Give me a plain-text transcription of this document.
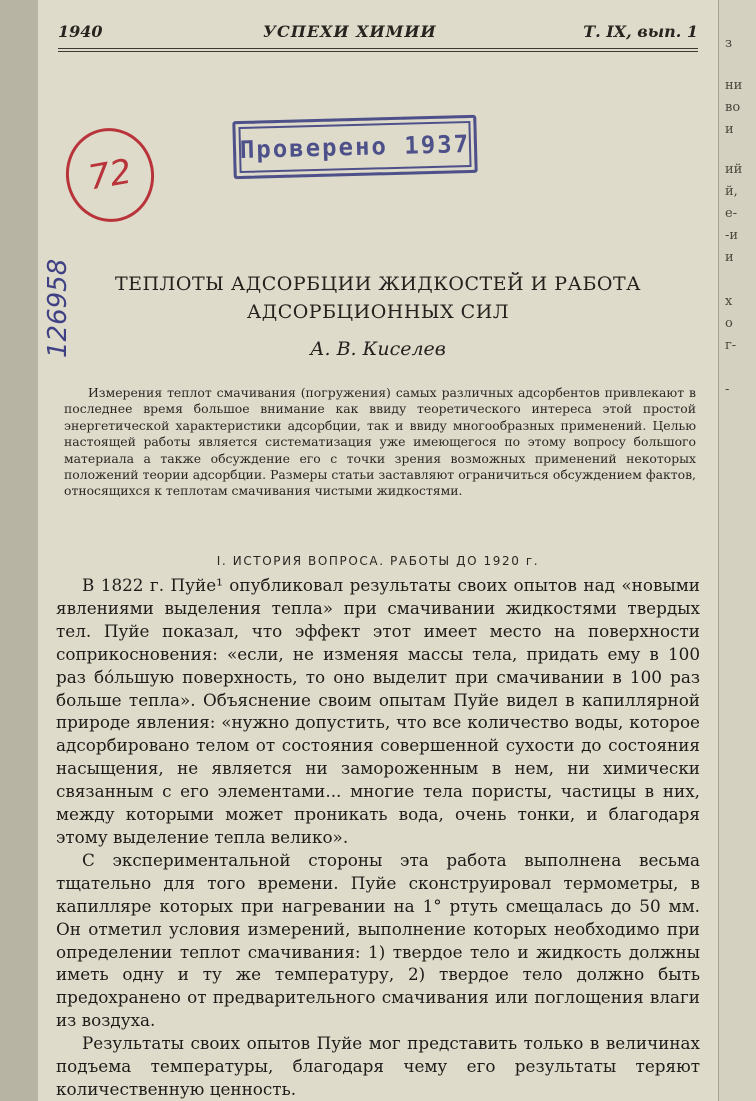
1940	УСПЕХИ ХИМИИ	Т. IX, вып. 1
Проверено 1937
72
126958	ТЕПЛОТЫ АДСОРБЦИИ ЖИДКОСТЕЙ И РАБОТА
АДСОРБЦИОННЫХ СИЛ
А. В. Киселев

Измерения теплот смачивания (погружения) самых различных адсорбентов привлекают в последнее время большое внимание как ввиду теоретического интереса этой простой энергетической характеристики адсорбции, так и ввиду многообразных применений. Целью настоящей работы является систематизация уже имеющегося по этому вопросу большого материала а также обсуждение его с точки зрения возможных применений некоторых положений теории адсорбции. Размеры статьи заставляют ограничиться обсуждением фактов, относящихся к теплотам смачивания чистыми жидкостями.

I. ИСТОРИЯ ВОПРОСА. РАБОТЫ ДО 1920 г.

В 1822 г. Пуйе¹ опубликовал результаты своих опытов над «новыми явлениями выделения тепла» при смачивании жидкостями твердых тел. Пуйе показал, что эффект этот имеет место на поверхности соприкосновения: «если, не изменяя массы тела, придать ему в 100 раз бо́льшую поверхность, то оно выделит при смачивании в 100 раз больше тепла». Объяснение своим опытам Пуйе видел в капиллярной природе явления: «нужно допустить, что все количество воды, которое адсорбировано телом от состояния совершенной сухости до состояния насыщения, не является ни замороженным в нем, ни химически связанным с его элементами... многие тела пористы, частицы в них, между которыми может проникать вода, очень тонки, и благодаря этому выделение тепла велико».

С экспериментальной стороны эта работа выполнена весьма тщательно для того времени. Пуйе сконструировал термометры, в капилляре которых при нагревании на 1° ртуть смещалась до 50 мм. Он отметил условия измерений, выполнение которых необходимо при определении теплот смачивания: 1) твердое тело и жидкость должны иметь одну и ту же температуру, 2) твердое тело должно быть предохранено от предварительного смачивания или поглощения влаги из воздуха.

Результаты своих опытов Пуйе мог представить только в величинах подъема температуры, благодаря чему его результаты теряют количественную ценность.

з
ни
во
и
ий
й,
е-
-и
и
х
о
г-
-
